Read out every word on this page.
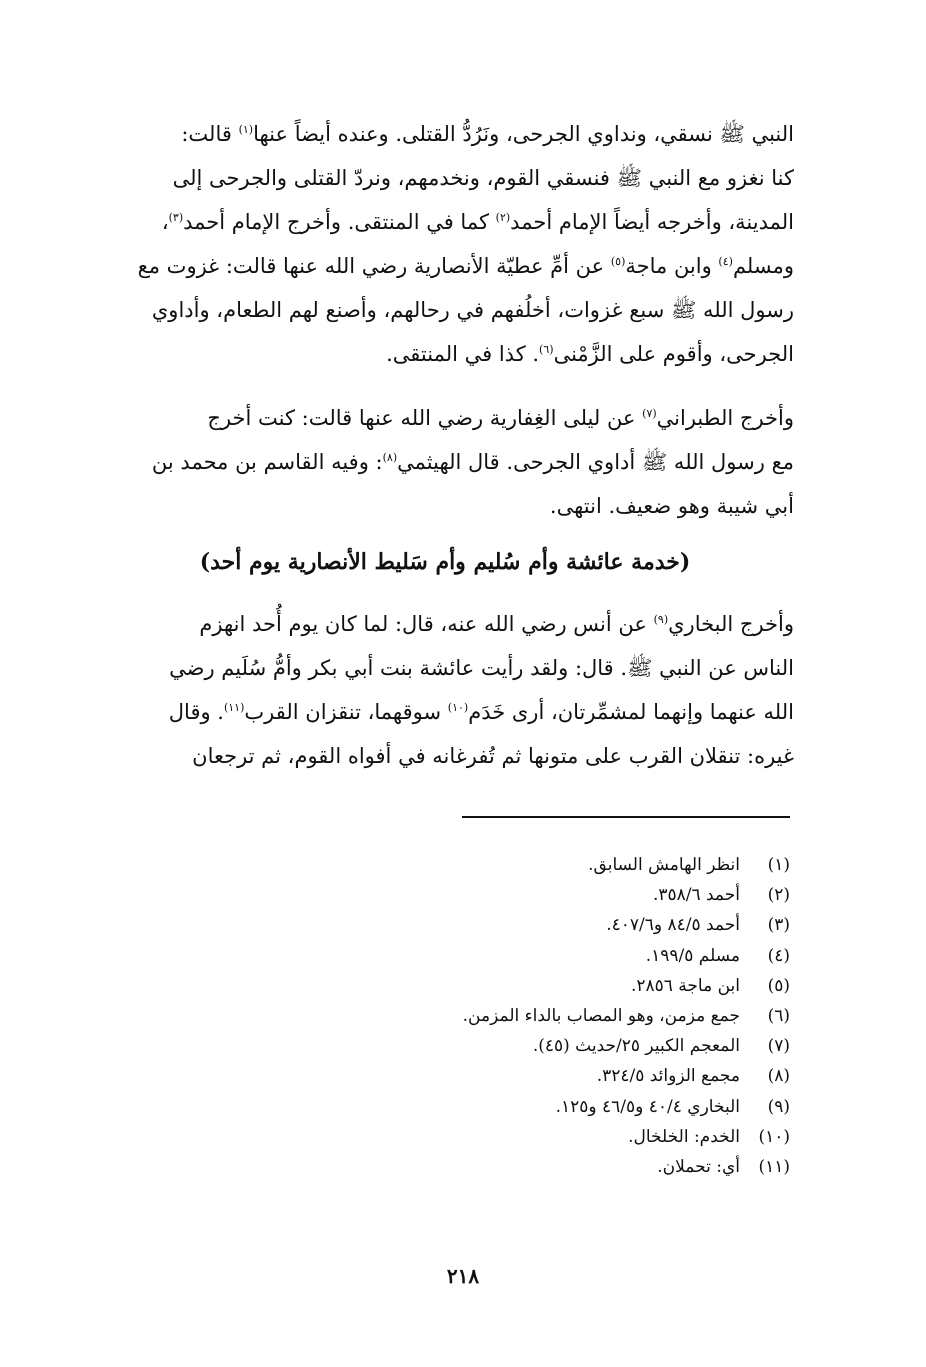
النبي ﷺ نسقي، ونداوي الجرحى، ونَرُدُّ القتلى. وعنده أيضاً عنها$^{(١)}$ قالت:

كنا نغزو مع النبي ﷺ فنسقي القوم، ونخدمهم، ونردّ القتلى والجرحى إلى

المدينة، وأخرجه أيضاً الإمام أحمد$^{(٢)}$ كما في المنتقى. وأخرج الإمام أحمد$^{(٣)}$،

ومسلم$^{(٤)}$ وابن ماجة$^{(٥)}$ عن أمِّ عطيّة الأنصارية رضي الله عنها قالت: غزوت مع

رسول الله ﷺ سبع غزوات، أخلُفهم في رحالهم، وأصنع لهم الطعام، وأداوي

الجرحى، وأقوم على الزَّمْنى$^{(٦)}$. كذا في المنتقى.

وأخرج الطبراني$^{(٧)}$ عن ليلى الغِفارية رضي الله عنها قالت: كنت أخرج

مع رسول الله ﷺ أداوي الجرحى. قال الهيثمي$^{(٨)}$: وفيه القاسم بن محمد بن

أبي شيبة وهو ضعيف. انتهى.

(خدمة عائشة وأم سُليم وأم سَليط الأنصارية يوم أحد)

وأخرج البخاري$^{(٩)}$ عن أنس رضي الله عنه، قال: لما كان يوم أُحد انهزم

الناس عن النبي ﷺ. قال: ولقد رأيت عائشة بنت أبي بكر وأمُّ سُلَيم رضي

الله عنهما وإنهما لمشمِّرتان، أرى خَدَم$^{(١٠)}$ سوقهما، تنقزان القرب$^{(١١)}$. وقال

غيره: تنقلان القرب على متونها ثم تُفرغانه في أفواه القوم، ثم ترجعان

(١)
انظر الهامش السابق.
(٢)
أحمد ٣٥٨/٦.
(٣)
أحمد ٨٤/٥ و٤٠٧/٦.
(٤)
مسلم ١٩٩/٥.
(٥)
ابن ماجة ٢٨٥٦.
(٦)
جمع مزمن، وهو المصاب بالداء المزمن.
(٧)
المعجم الكبير ٢٥/حديث (٤٥).
(٨)
مجمع الزوائد ٣٢٤/٥.
(٩)
البخاري ٤٠/٤ و٤٦/٥ و١٢٥.
(١٠)
الخدم: الخلخال.
(١١)
أي: تحملان.
٢١٨
